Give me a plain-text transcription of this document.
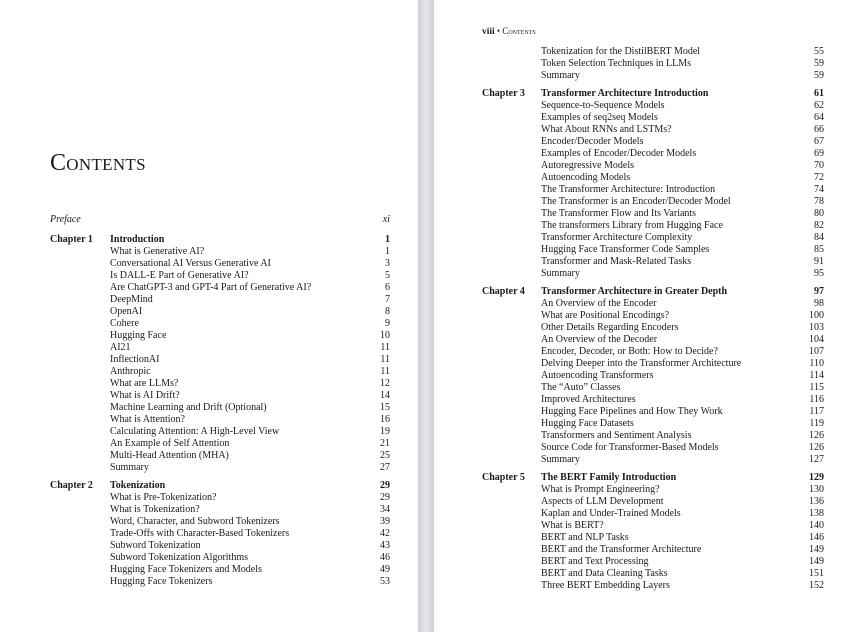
Contents
Preface	xi
Chapter 1 Introduction	1
What is Generative AI?	1
Conversational AI Versus Generative AI	3
Is DALL-E Part of Generative AI?	5
Are ChatGPT-3 and GPT-4 Part of Generative AI?	6
DeepMind	7
OpenAI	8
Cohere	9
Hugging Face	10
AI21	11
InflectionAI	11
Anthropic	11
What are LLMs?	12
What is AI Drift?	14
Machine Learning and Drift (Optional)	15
What is Attention?	16
Calculating Attention: A High-Level View	19
An Example of Self Attention	21
Multi-Head Attention (MHA)	25
Summary	27
Chapter 2 Tokenization	29
What is Pre-Tokenization?	29
What is Tokenization?	34
Word, Character, and Subword Tokenizers	39
Trade-Offs with Character-Based Tokenizers	42
Subword Tokenization	43
Subword Tokenization Algorithms	46
Hugging Face Tokenizers and Models	49
Hugging Face Tokenizers	53
viii • Contents
Tokenization for the DistilBERT Model	55
Token Selection Techniques in LLMs	59
Summary	59
Chapter 3 Transformer Architecture Introduction	61
Sequence-to-Sequence Models	62
Examples of seq2seq Models	64
What About RNNs and LSTMs?	66
Encoder/Decoder Models	67
Examples of Encoder/Decoder Models	69
Autoregressive Models	70
Autoencoding Models	72
The Transformer Architecture: Introduction	74
The Transformer is an Encoder/Decoder Model	78
The Transformer Flow and Its Variants	80
The transformers Library from Hugging Face	82
Transformer Architecture Complexity	84
Hugging Face Transformer Code Samples	85
Transformer and Mask-Related Tasks	91
Summary	95
Chapter 4 Transformer Architecture in Greater Depth	97
An Overview of the Encoder	98
What are Positional Encodings?	100
Other Details Regarding Encoders	103
An Overview of the Decoder	104
Encoder, Decoder, or Both: How to Decide?	107
Delving Deeper into the Transformer Architecture	110
Autoencoding Transformers	114
The “Auto” Classes	115
Improved Architectures	116
Hugging Face Pipelines and How They Work	117
Hugging Face Datasets	119
Transformers and Sentiment Analysis	126
Source Code for Transformer-Based Models	126
Summary	127
Chapter 5 The BERT Family Introduction	129
What is Prompt Engineering?	130
Aspects of LLM Development	136
Kaplan and Under-Trained Models	138
What is BERT?	140
BERT and NLP Tasks	146
BERT and the Transformer Architecture	149
BERT and Text Processing	149
BERT and Data Cleaning Tasks	151
Three BERT Embedding Layers	152
